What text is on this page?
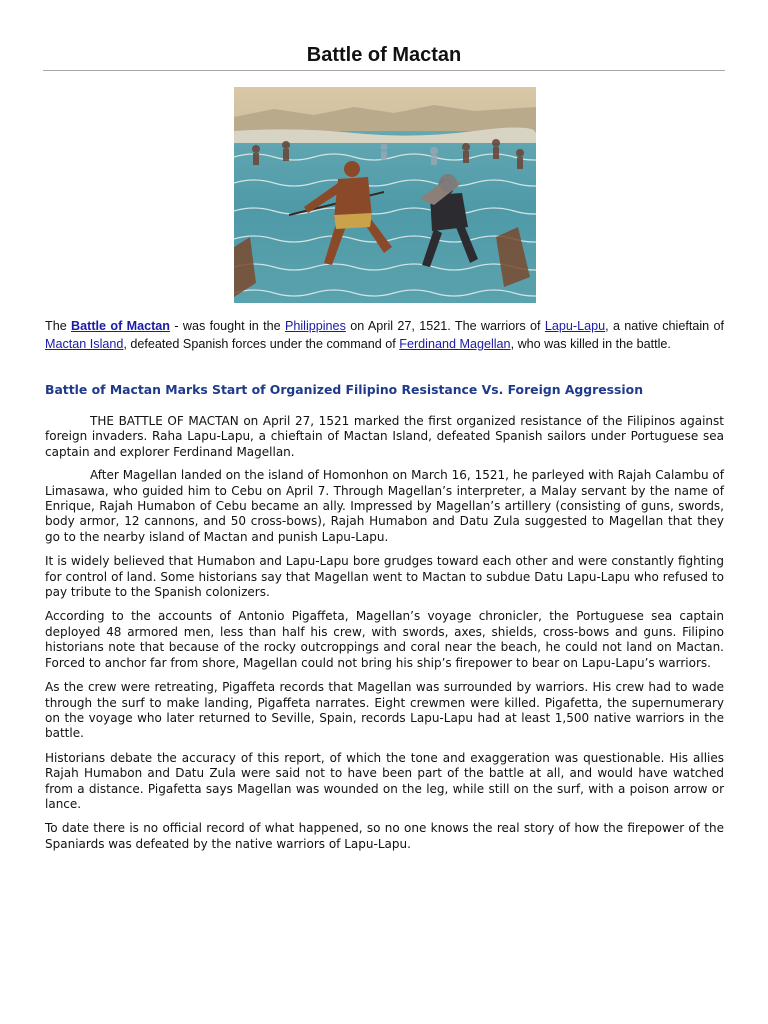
Battle of Mactan
The Battle of Mactan - was fought in the Philippines on April 27, 1521. The warriors of Lapu-Lapu, a native chieftain of Mactan Island, defeated Spanish forces under the command of Ferdinand Magellan, who was killed in the battle.
Battle of Mactan Marks Start of Organized Filipino Resistance Vs. Foreign Aggression

THE BATTLE OF MACTAN on April 27, 1521 marked the first organized resistance of the Filipinos against foreign invaders. Raha Lapu-Lapu, a chieftain of Mactan Island, defeated Spanish sailors under Portuguese sea captain and explorer Ferdinand Magellan.

After Magellan landed on the island of Homonhon on March 16, 1521, he parleyed with Rajah Calambu of Limasawa, who guided him to Cebu on April 7. Through Magellan’s interpreter, a Malay servant by the name of Enrique, Rajah Humabon of Cebu became an ally. Impressed by Magellan’s artillery (consisting of guns, swords, body armor, 12 cannons, and 50 cross-bows), Rajah Humabon and Datu Zula suggested to Magellan that they go to the nearby island of Mactan and punish Lapu-Lapu.

It is widely believed that Humabon and Lapu-Lapu bore grudges toward each other and were constantly fighting for control of land. Some historians say that Magellan went to Mactan to subdue Datu Lapu-Lapu who refused to pay tribute to the Spanish colonizers.

According to the accounts of Antonio Pigaffeta, Magellan’s voyage chronicler, the Portuguese sea captain deployed 48 armored men, less than half his crew, with swords, axes, shields, cross-bows and guns. Filipino historians note that because of the rocky outcroppings and coral near the beach, he could not land on Mactan. Forced to anchor far from shore, Magellan could not bring his ship’s firepower to bear on Lapu-Lapu’s warriors.

As the crew were retreating, Pigaffeta records that Magellan was surrounded by warriors. His crew had to wade through the surf to make landing, Pigaffeta narrates. Eight crewmen were killed. Pigafetta, the supernumerary on the voyage who later returned to Seville, Spain, records Lapu-Lapu had at least 1,500 native warriors in the battle.

Historians debate the accuracy of this report, of which the tone and exaggeration was questionable. His allies Rajah Humabon and Datu Zula were said not to have been part of the battle at all, and would have watched from a distance. Pigafetta says Magellan was wounded on the leg, while still on the surf, with a poison arrow or lance.

To date there is no official record of what happened, so no one knows the real story of how the firepower of the Spaniards was defeated by the native warriors of Lapu-Lapu.
